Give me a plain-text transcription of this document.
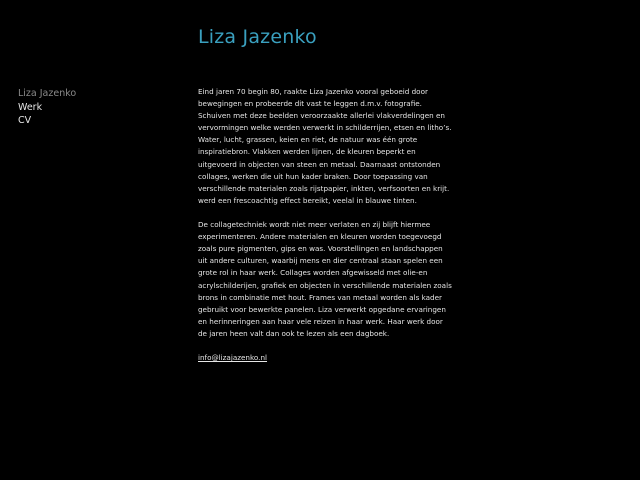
Liza Jazenko
Liza Jazenko
Werk
CV

Eind jaren 70 begin 80, raakte Liza Jazenko vooral geboeid door bewegingen en probeerde dit vast te leggen d.m.v. fotografie. Schuiven met deze beelden veroorzaakte allerlei vlakverdelingen en vervormingen welke werden verwerkt in schilderrijen, etsen en litho’s. Water, lucht, grassen, keien en riet, de natuur was één grote inspiratiebron. Vlakken werden lijnen, de kleuren beperkt en uitgevoerd in objecten van steen en metaal. Daarnaast ontstonden collages, werken die uit hun kader braken. Door toepassing van verschillende materialen zoals rijstpapier, inkten, verfsoorten en krijt. werd een frescoachtig effect bereikt, veelal in blauwe tinten.

De collagetechniek wordt niet meer verlaten en zij blijft hiermee experimenteren. Andere materialen en kleuren worden toegevoegd zoals pure pigmenten, gips en was. Voorstellingen en landschappen uit andere culturen, waarbij mens en dier centraal staan spelen een grote rol in haar werk. Collages worden afgewisseld met olie-en acrylschilderijen, grafiek en objecten in verschillende materialen zoals brons in combinatie met hout. Frames van metaal worden als kader gebruikt voor bewerkte panelen. Liza verwerkt opgedane ervaringen en herinneringen aan haar vele reizen in haar werk. Haar werk door de jaren heen valt dan ook te lezen als een dagboek.

info@lizajazenko.nl
